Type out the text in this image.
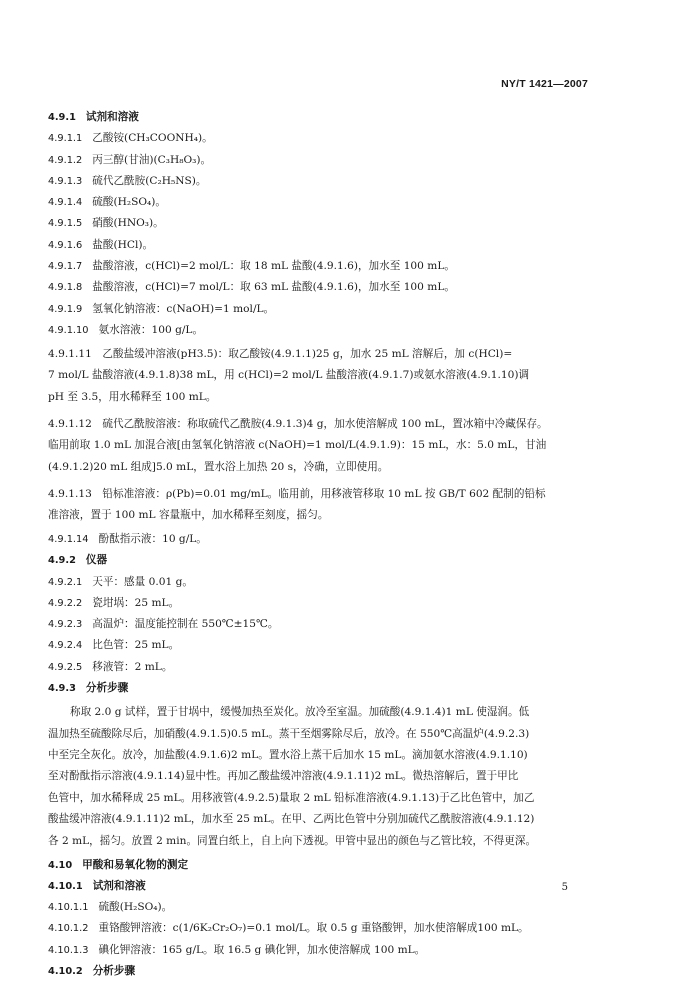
NY/T 1421—2007
4.9.1 试剂和溶液
4.9.1.1 乙酸铵(CH₃COONH₄)。
4.9.1.2 丙三醇(甘油)(C₃H₈O₃)。
4.9.1.3 硫代乙酰胺(C₂H₅NS)。
4.9.1.4 硫酸(H₂SO₄)。
4.9.1.5 硝酸(HNO₃)。
4.9.1.6 盐酸(HCl)。
4.9.1.7 盐酸溶液，c(HCl)=2 mol/L：取 18 mL 盐酸(4.9.1.6)，加水至 100 mL。
4.9.1.8 盐酸溶液，c(HCl)=7 mol/L：取 63 mL 盐酸(4.9.1.6)，加水至 100 mL。
4.9.1.9 氢氧化钠溶液：c(NaOH)=1 mol/L。
4.9.1.10 氨水溶液：100 g/L。
4.9.1.11　乙酸盐缓冲溶液(pH3.5)：取乙酸铵(4.9.1.1)25 g，加水 25 mL 溶解后，加 c(HCl)=
7 mol/L 盐酸溶液(4.9.1.8)38 mL，用 c(HCl)=2 mol/L 盐酸溶液(4.9.1.7)或氨水溶液(4.9.1.10)调
pH 至 3.5，用水稀释至 100 mL。
4.9.1.12　硫代乙酰胺溶液：称取硫代乙酰胺(4.9.1.3)4 g，加水使溶解成 100 mL，置冰箱中冷藏保存。
临用前取 1.0 mL 加混合液[由氢氧化钠溶液 c(NaOH)=1 mol/L(4.9.1.9)：15 mL，水：5.0 mL，甘油
(4.9.1.2)20 mL 组成]5.0 mL，置水浴上加热 20 s，冷确，立即使用。
4.9.1.13　铅标准溶液：ρ(Pb)=0.01 mg/mL。临用前，用移液管移取 10 mL 按 GB/T 602 配制的铅标
准溶液，置于 100 mL 容量瓶中，加水稀释至刻度，摇匀。
4.9.1.14 酚酞指示液：10 g/L。
4.9.2 仪器
4.9.2.1 天平：感量 0.01 g。
4.9.2.2 瓷坩埚：25 mL。
4.9.2.3 高温炉：温度能控制在 550℃±15℃。
4.9.2.4 比色管：25 mL。
4.9.2.5 移液管：2 mL。
4.9.3 分析步骤
称取 2.0 g 试样，置于甘埚中，缓慢加热至炭化。放冷至室温。加硫酸(4.9.1.4)1 mL 使湿润。低
温加热至硫酸除尽后，加硝酸(4.9.1.5)0.5 mL。蒸干至烟雾除尽后，放冷。在 550℃高温炉(4.9.2.3)
中至完全灰化。放冷，加盐酸(4.9.1.6)2 mL。置水浴上蒸干后加水 15 mL。滴加氨水溶液(4.9.1.10)
至对酚酞指示溶液(4.9.1.14)显中性。再加乙酸盐缓冲溶液(4.9.1.11)2 mL。微热溶解后，置于甲比
色管中，加水稀释成 25 mL。用移液管(4.9.2.5)量取 2 mL 铅标准溶液(4.9.1.13)于乙比色管中，加乙
酸盐缓冲溶液(4.9.1.11)2 mL，加水至 25 mL。在甲、乙两比色管中分别加硫代乙酰胺溶液(4.9.1.12)
各 2 mL，摇匀。放置 2 min。同置白纸上，自上向下透视。甲管中显出的颜色与乙管比较，不得更深。
4.10 甲酸和易氧化物的测定
4.10.1 试剂和溶液
4.10.1.1 硫酸(H₂SO₄)。
4.10.1.2 重铬酸钾溶液：c(1/6K₂Cr₂O₇)=0.1 mol/L。取 0.5 g 重铬酸钾，加水使溶解成100 mL。
4.10.1.3 碘化钾溶液：165 g/L。取 16.5 g 碘化钾，加水使溶解成 100 mL。
4.10.2 分析步骤
5
